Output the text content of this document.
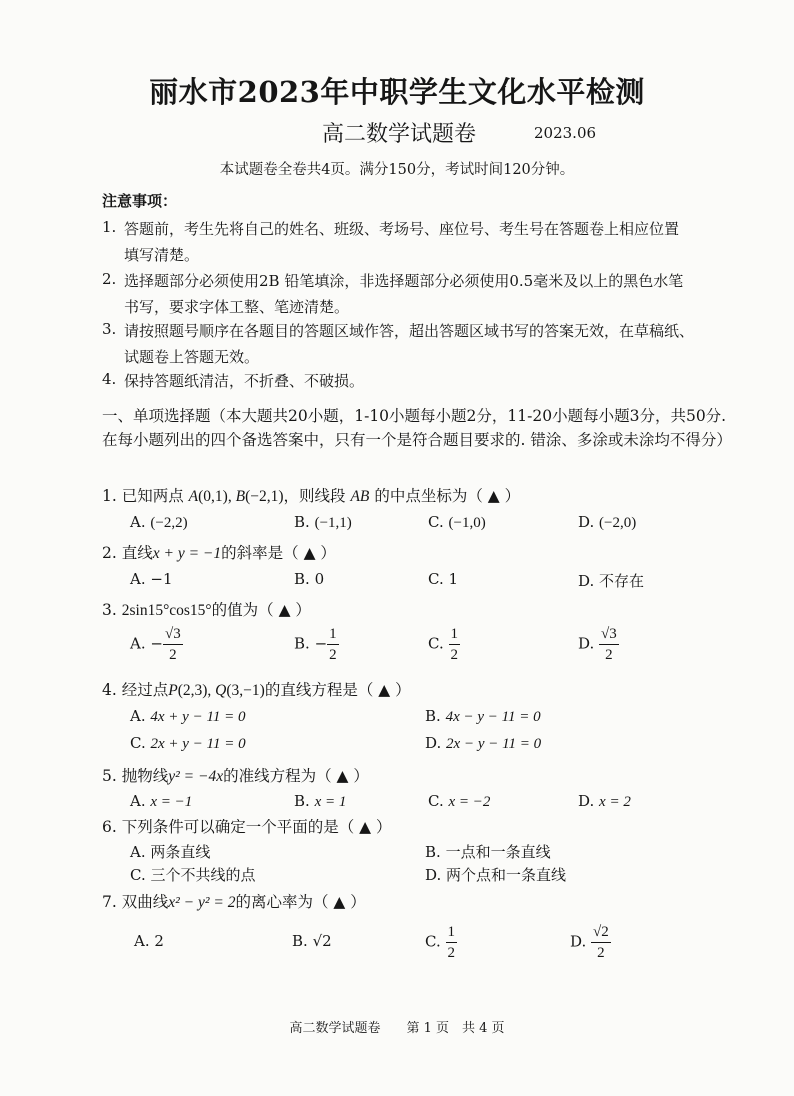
丽水市2023年中职学生文化水平检测
高二数学试题卷	2023.06
本试题卷全卷共4页。满分150分，考试时间120分钟。
注意事项：
1. 答题前，考生先将自己的姓名、班级、考场号、座位号、考生号在答题卷上相应位置
填写清楚。
2. 选择题部分必须使用2B 铅笔填涂，非选择题部分必须使用0.5毫米及以上的黑色水笔
书写，要求字体工整、笔迹清楚。
3. 请按照题号顺序在各题目的答题区域作答，超出答题区域书写的答案无效，在草稿纸、
试题卷上答题无效。
4. 保持答题纸清洁，不折叠、不破损。
一、单项选择题（本大题共20小题，1-10小题每小题2分，11-20小题每小题3分，共50分. 在每小题列出的四个备选答案中，只有一个是符合题目要求的. 错涂、多涂或未涂均不得分）
1. 已知两点 A(0,1), B(−2,1)，则线段 AB 的中点坐标为（ ▲ ）
A. (−2,2)	B. (−1,1)	C. (−1,0)	D. (−2,0)
2. 直线x + y = −1的斜率是（ ▲ ）
A. −1	B. 0	C. 1	D. 不存在
3. 2sin15°cos15°的值为（ ▲ ）
A. − $\frac{√3}{2}$	B. − $\frac{1}{2}$	C. $\frac{1}{2}$	D. $\frac{√3}{2}$
4. 经过点P(2,3), Q(3,−1)的直线方程是（ ▲ ）
A. 4x + y − 11 = 0	B. 4x − y − 11 = 0
C. 2x + y − 11 = 0	D. 2x − y − 11 = 0
5. 抛物线y² = −4x的准线方程为（ ▲ ）
A. x = −1	B. x = 1	C. x = −2	D. x = 2
6. 下列条件可以确定一个平面的是（ ▲ ）
A. 两条直线	B. 一点和一条直线
C. 三个不共线的点	D. 两个点和一条直线
7. 双曲线x² − y² = 2的离心率为（ ▲ ）
A. 2	B. √2	C. $\frac{1}{2}$	D. $\frac{√2}{2}$
高二数学试题卷　　第 1 页　共 4 页
